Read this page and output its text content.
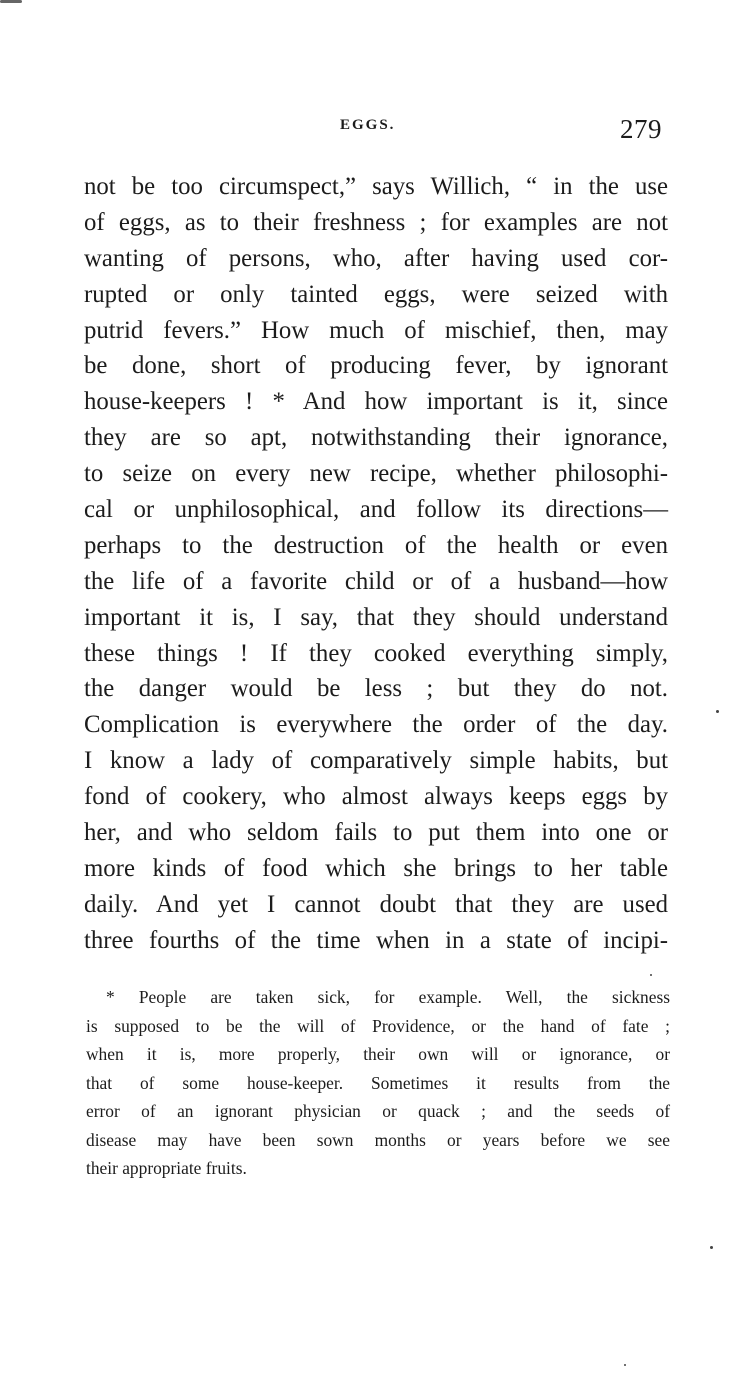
EGGS.	279
not be too circumspect,” says Willich, “ in the use
of eggs, as to their freshness ; for examples are not
wanting of persons, who, after having used cor-
rupted or only tainted eggs, were seized with
putrid fevers.” How much of mischief, then, may
be done, short of producing fever, by ignorant
house-keepers ! * And how important is it, since
they are so apt, notwithstanding their ignorance,
to seize on every new recipe, whether philosophi-
cal or unphilosophical, and follow its directions—
perhaps to the destruction of the health or even
the life of a favorite child or of a husband—how
important it is, I say, that they should understand
these things ! If they cooked everything simply,
the danger would be less ; but they do not.
Complication is everywhere the order of the day.
I know a lady of comparatively simple habits, but
fond of cookery, who almost always keeps eggs by
her, and who seldom fails to put them into one or
more kinds of food which she brings to her table
daily. And yet I cannot doubt that they are used
three fourths of the time when in a state of incipi-
* People are taken sick, for example. Well, the sickness
is supposed to be the will of Providence, or the hand of fate ;
when it is, more properly, their own will or ignorance, or
that of some house-keeper. Sometimes it results from the
error of an ignorant physician or quack ; and the seeds of
disease may have been sown months or years before we see
their appropriate fruits.
